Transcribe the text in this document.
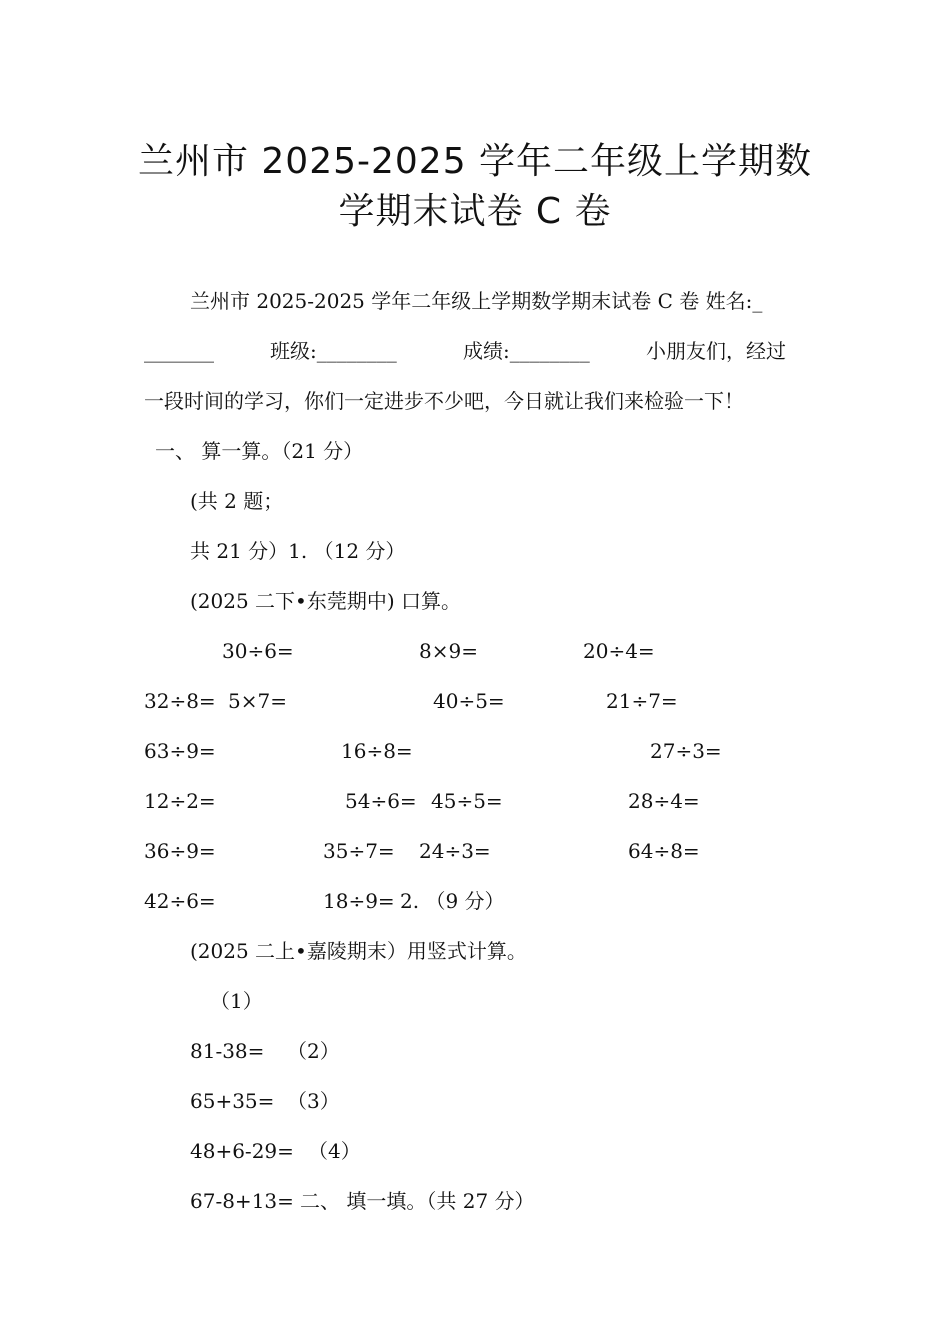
兰州市 2025-2025 学年二年级上学期数
学期末试卷 C 卷
兰州市 2025-2025 学年二年级上学期数学期末试卷 C 卷 姓名:_
_______	班级:________	成绩:________	小朋友们，经过
一段时间的学习，你们一定进步不少吧，今日就让我们来检验一下！
一、 算一算。（21 分）
(共 2 题；
共 21 分）1. （12 分）
(2025 二下•东莞期中) 口算。
30÷6=	8×9=	20÷4=
32÷8= 5×7=	40÷5=	21÷7=
63÷9=	16÷8=	27÷3=
12÷2=	54÷6= 45÷5=	28÷4=
36÷9=	35÷7= 24÷3=	64÷8=
42÷6=	18÷9= 2. （9 分）
(2025 二上•嘉陵期末）用竖式计算。
（1）
81-38= （2）
65+35= （3）
48+6-29= （4）
67-8+13= 二、 填一填。（共 27 分）
